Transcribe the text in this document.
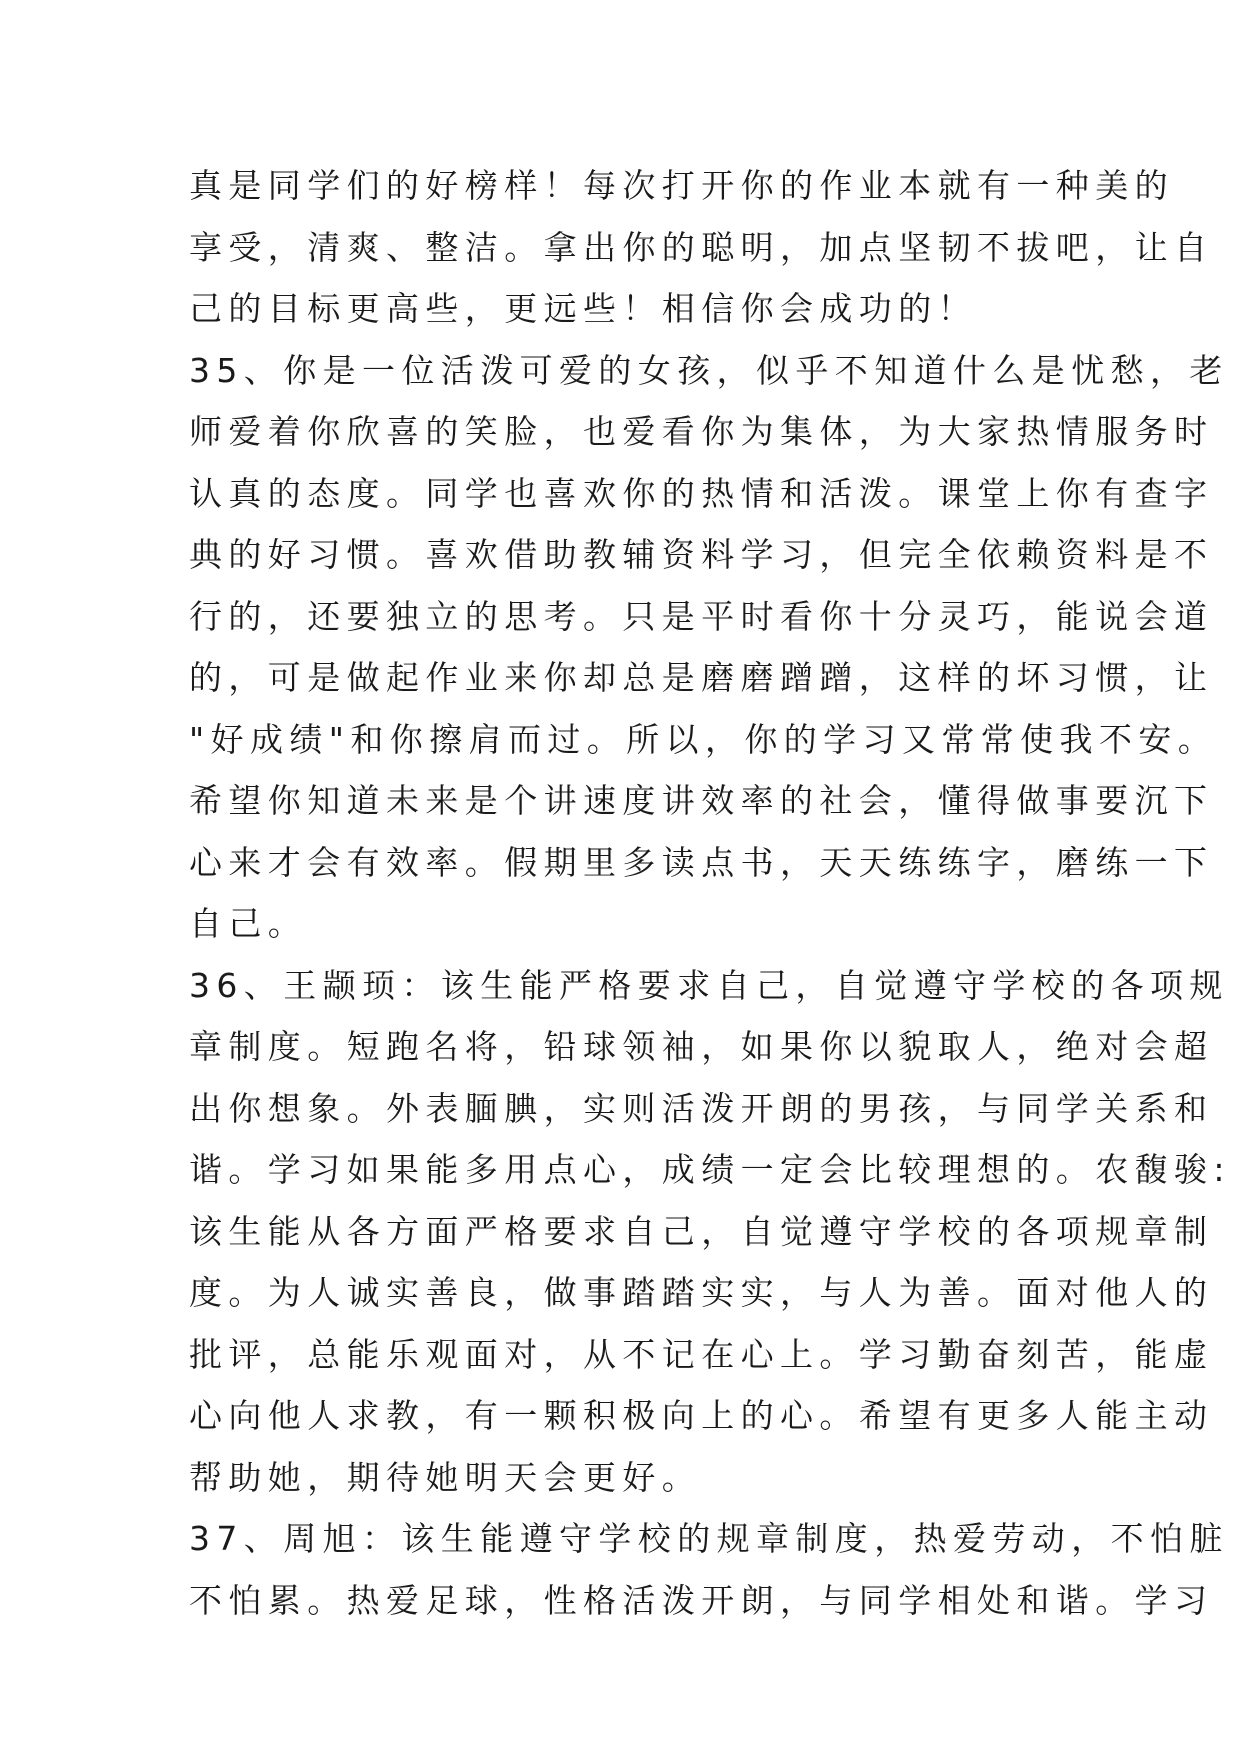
真是同学们的好榜样！每次打开你的作业本就有一种美的
享受，清爽、整洁。拿出你的聪明，加点坚韧不拔吧，让自
己的目标更高些，更远些！相信你会成功的！
35、你是一位活泼可爱的女孩，似乎不知道什么是忧愁，老
师爱着你欣喜的笑脸，也爱看你为集体，为大家热情服务时
认真的态度。同学也喜欢你的热情和活泼。课堂上你有查字
典的好习惯。喜欢借助教辅资料学习，但完全依赖资料是不
行的，还要独立的思考。只是平时看你十分灵巧，能说会道
的，可是做起作业来你却总是磨磨蹭蹭，这样的坏习惯，让
"好成绩"和你擦肩而过。所以，你的学习又常常使我不安。
希望你知道未来是个讲速度讲效率的社会，懂得做事要沉下
心来才会有效率。假期里多读点书，天天练练字，磨练一下
自己。
36、王颛顼：该生能严格要求自己，自觉遵守学校的各项规
章制度。短跑名将，铅球领袖，如果你以貌取人，绝对会超
出你想象。外表腼腆，实则活泼开朗的男孩，与同学关系和
谐。学习如果能多用点心，成绩一定会比较理想的。农馥骏:
该生能从各方面严格要求自己，自觉遵守学校的各项规章制
度。为人诚实善良，做事踏踏实实，与人为善。面对他人的
批评，总能乐观面对，从不记在心上。学习勤奋刻苦，能虚
心向他人求教，有一颗积极向上的心。希望有更多人能主动
帮助她，期待她明天会更好。
37、周旭：该生能遵守学校的规章制度，热爱劳动，不怕脏
不怕累。热爱足球，性格活泼开朗，与同学相处和谐。学习
